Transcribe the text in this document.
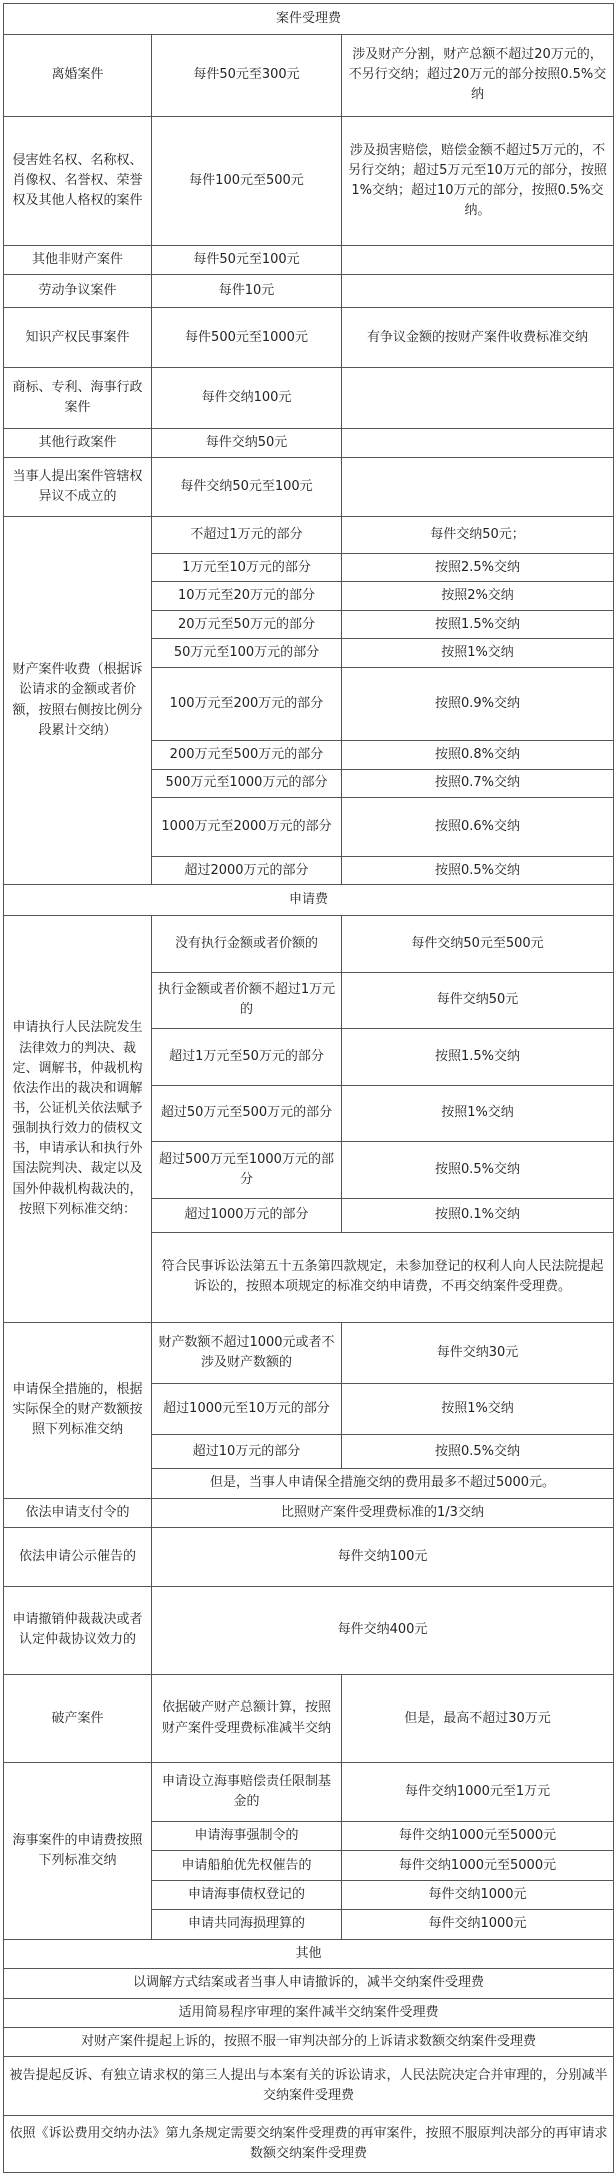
案件受理费		
离婚案件	每件50元至300元	涉及财产分割，财产总额不超过20万元的，不另行交纳；超过20万元的部分按照0.5%交纳
侵害姓名权、名称权、肖像权、名誉权、荣誉权及其他人格权的案件	每件100元至500元	涉及损害赔偿，赔偿金额不超过5万元的，不另行交纳；超过5万元至10万元的部分，按照1%交纳；超过10万元的部分，按照0.5%交纳。
其他非财产案件	每件50元至100元	
劳动争议案件	每件10元	
知识产权民事案件	每件500元至1000元	有争议金额的按财产案件收费标准交纳
商标、专利、海事行政案件	每件交纳100元	
其他行政案件	每件交纳50元	
当事人提出案件管辖权异议不成立的	每件交纳50元至100元	
财产案件收费（根据诉讼请求的金额或者价额，按照右侧按比例分段累计交纳）	不超过1万元的部分	每件交纳50元；
	1万元至10万元的部分	按照2.5%交纳
	10万元至20万元的部分	按照2%交纳
	20万元至50万元的部分	按照1.5%交纳
	50万元至100万元的部分	按照1%交纳
	100万元至200万元的部分	按照0.9%交纳
	200万元至500万元的部分	按照0.8%交纳
	500万元至1000万元的部分	按照0.7%交纳
	1000万元至2000万元的部分	按照0.6%交纳
	超过2000万元的部分	按照0.5%交纳
申请费		
申请执行人民法院发生法律效力的判决、裁定、调解书，仲裁机构依法作出的裁决和调解书，公证机关依法赋予强制执行效力的债权文书，申请承认和执行外国法院判决、裁定以及国外仲裁机构裁决的，按照下列标准交纳：	没有执行金额或者价额的	每件交纳50元至500元
	执行金额或者价额不超过1万元的	每件交纳50元
	超过1万元至50万元的部分	按照1.5%交纳
	超过50万元至500万元的部分	按照1%交纳
	超过500万元至1000万元的部分	按照0.5%交纳
	超过1000万元的部分	按照0.1%交纳
	符合民事诉讼法第五十五条第四款规定，未参加登记的权利人向人民法院提起诉讼的，按照本项规定的标准交纳申请费，不再交纳案件受理费。	
申请保全措施的，根据实际保全的财产数额按照下列标准交纳	财产数额不超过1000元或者不涉及财产数额的	每件交纳30元
	超过1000元至10万元的部分	按照1%交纳
	超过10万元的部分	按照0.5%交纳
	但是，当事人申请保全措施交纳的费用最多不超过5000元。	
依法申请支付令的	比照财产案件受理费标准的1/3交纳	
依法申请公示催告的	每件交纳100元	
申请撤销仲裁裁决或者认定仲裁协议效力的	每件交纳400元	
破产案件	依据破产财产总额计算，按照财产案件受理费标准减半交纳	但是，最高不超过30万元
海事案件的申请费按照下列标准交纳	申请设立海事赔偿责任限制基金的	每件交纳1000元至1万元
	申请海事强制令的	每件交纳1000元至5000元
	申请船舶优先权催告的	每件交纳1000元至5000元
	申请海事债权登记的	每件交纳1000元
	申请共同海损理算的	每件交纳1000元
其他		
以调解方式结案或者当事人申请撤诉的，减半交纳案件受理费		
适用简易程序审理的案件减半交纳案件受理费		
对财产案件提起上诉的，按照不服一审判决部分的上诉请求数额交纳案件受理费		
被告提起反诉、有独立请求权的第三人提出与本案有关的诉讼请求，人民法院决定合并审理的，分别减半交纳案件受理费		
依照《诉讼费用交纳办法》第九条规定需要交纳案件受理费的再审案件，按照不服原判决部分的再审请求数额交纳案件受理费		
